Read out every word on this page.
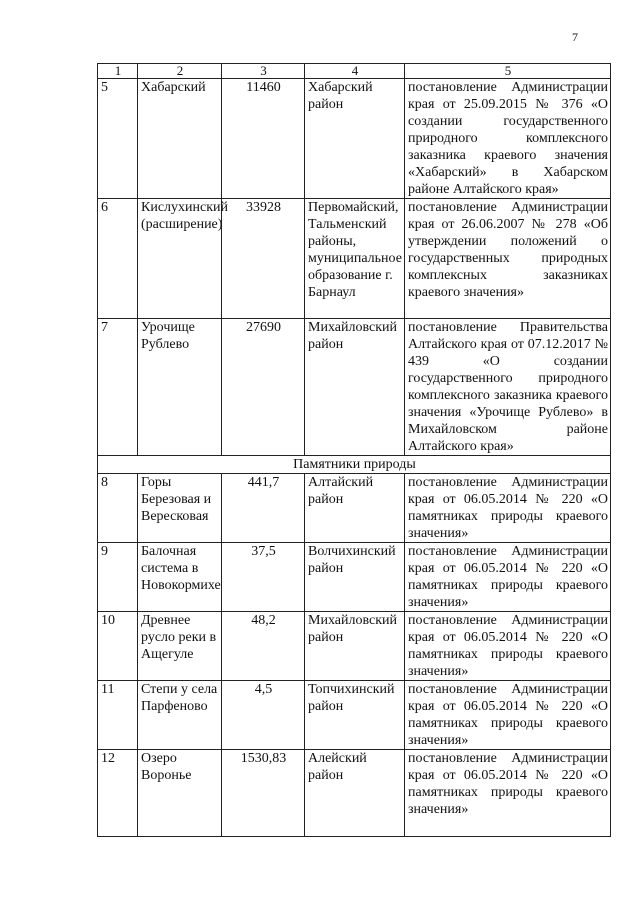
7
1	2	3	4	5
5	Хабарский	11460	Хабарский район	постановление Администрации края от 25.09.2015 № 376 «О создании государственного природного комплексного заказника краевого значения «Хабарский» в Хабарском районе Алтайского края»
6	Кислухинский (расширение)	33928	Первомайский, Тальменский районы, муниципальное образование г. Барнаул	постановление Администрации края от 26.06.2007 № 278 «Об утверждении положений о государственных природных комплексных заказниках краевого значения»
7	Урочище Рублево	27690	Михайловский район	постановление Правительства Алтайского края от 07.12.2017 № 439 «О создании государственного природного комплексного заказника краевого значения «Урочище Рублево» в Михайловском районе Алтайского края»
Памятники природы				
8	Горы Березовая и Вересковая	441,7	Алтайский район	постановление Администрации края от 06.05.2014 № 220 «О памятниках природы краевого значения»
9	Балочная система в Новокормихе	37,5	Волчихинский район	постановление Администрации края от 06.05.2014 № 220 «О памятниках природы краевого значения»
10	Древнее русло реки в Ащегуле	48,2	Михайловский район	постановление Администрации края от 06.05.2014 № 220 «О памятниках природы краевого значения»
11	Степи у села Парфеново	4,5	Топчихинский район	постановление Администрации края от 06.05.2014 № 220 «О памятниках природы краевого значения»
12	Озеро Воронье	1530,83	Алейский район	постановление Администрации края от 06.05.2014 № 220 «О памятниках природы краевого значения»
